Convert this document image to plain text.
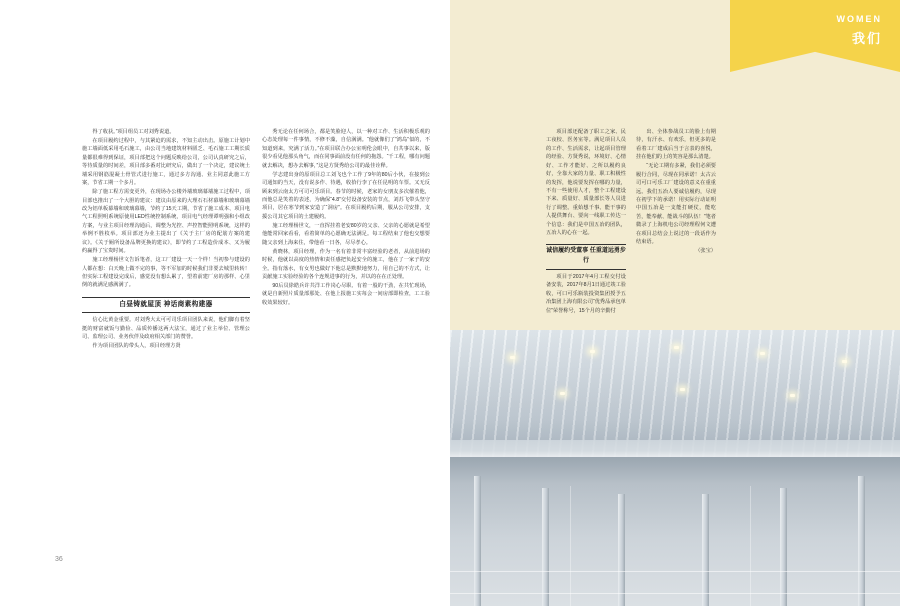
得了收获。”项目组员工对刘秀说道。

在项目履约过程中，与其紧迫的需求，不知主动出击。原施工计划中施工墙面低采用毛石施工，由公司当地建筑材料匮乏、毛石施工工期长质量都很难得到保证，项目部把这个问题反映给公司，公司认真研究之后，等待质量的时间差，项目部多番对比研究后，做出了一个决定，建议统土墙采用钢筋混凝土骨管式进行施工，通过多方沟通、业主同意此施工方案，节省工期一个多月。

除了施工程方需变更外，在现场办公楼外墙玻璃幕墙施工过程中，项目部也推出了一个大胆的建议：建议由原来的大理石石材幕墙和玻璃幕墙改为铝单板幕墙和玻璃幕墙，节约了15天工期，节省了施工成本、项目电气工程照明系统原使用LED性统控制系统，项目电气经理谭明强和小组改方案，与业主项目经理沟通后，调整为光控、声控智能照明系统，这样的举例不胜枚举。项目部还为业主提出了《关于主厂房的配筋方案的建议》。《关于厕所设备品牌更换的建议》，即节约了工程造价成本、又为履约赢得了宝贵时间。

施工经理杨世文告诉笔者，这工厂建设一天一个样！当初参与建设的人都在想：白天晚上做不完的事，等不军加的时候我们非要去城里转转！但实际工程建设完成后，感觉没有想么累了，望着前建厂房的那样、心里倒的就满足感满满了。

白昼铸就屋顶 神话商素构建器

信心比黄金重要。对刘秀大太可可司乐项目团队来说，他们脚有着坚挺的财富就饭与勤俭、品质传播这两大法宝，通过了业主举位、管理公司、监理公司、业务伙伴及政府相关部门的赞誉。

作为项目团队的带头人，项目经理方贤

秀无论在任何场合，都是笑脸迎人，以一种对工作、生活积极乐观的心态处理每一件事情，不修不藻，自信满满。“他就像们了”鸿岛”似的，不知道到来，究满了活力。”在项目联合办公室明伦会眼中，自共事以来，版很少看见他那头角气，而在同事面前没有任何的拖怨。“千工程，哪有问题就去解决，想办去解事，”这是方贤秀给公司的最佳诠释。

学志建出身的原项目总工刘飞也个工作了9年的80后小伙，在接到公司通知的当天，没有说多作、待遇，收拾行李了在任昆明的车票。又无反顾来到云南太方可司可乐项目。春节的时候，老家的女朋友多次催着他，而他总是笑着的表述，为确保“4.8”交付设备安装的节点，刘苏飞带头坚守项目，居在寒节到家安造了“洞房”。在项目履约后期，服从公司安排，支援公司其它项目的土建履约。

施工经理杨世文，一直挥挂着老安80岁的父亲、父亲的心愿就是希望他能常回家看看，看着简单的心愿确无法满足。每工程结束了他也交想要随父亲到上海来住，带他看一日各，尽尽孝心。

黄晓林，项目经理，作为一名有着非常丰富经验的老者，从前进场的时候，他就以高度的热情和责任感把负起安全的施工，他在了一家子的安全。指有落水，有女男也做好下他总是默默地努力，用自己的不方式，让贡献施工实验经验的各个连规进事的行为，并以的在在正处理。

90后员徐皓兵许共洋工作岗心尽职、有着一股的干劲，在共忙现场，就是自新照片质量部那处、在他上报施工实每会一间房部即检查，工工验收效果较好。

36
WOMEN
我们

项目部还配备了职工之家、民工夜校、医务室等。满足项目人员的工作、生活需求，让起项目管理的经验、方贤秀说，环境好、心情好、工作才能好、之所以履约良好，全靠大家的力量、职工积极性的发挥，他说要发挥在哪的力量，不有一些使用人才，整个工程建设下来、质量好、质量部长等人员进行了调整。重始想千事、能干事的人提供舞台、要向一线职工传达一个信息：我们是中国五冶的团队，五冶人的心在一起。

诚信履约受董事 任重道远勇步行

项目于2017年4月工程交付设备安装，2017年8月1日通过竣工验收，可口可乐瓶装投资集团授予五冶集团上海有限公司“优秀品承包单位”荣誉称号，15个月的辛勤付

出、全体参战员工的脸上有期待，有汗水、有欢乐，但更多的是看着工厂建成后当于言表的喜悦，挂在他们的上的笑容是那么清楚。

“无论工期有多紧，我们必须要履行合同，尽现在同承诺！太古云司可口可乐工厂建设的意义在重重远。我们五冶人要诚信履约，尽现在初学下的承诺！用实际行动证明中国五冶是一支能打硬仗，能吃苦，能奉献、能战斗的队伍！”笔者微录了上海机电公司经理程何文遭在项目总结会上说过的一段话作为结束语。

（张宝）
